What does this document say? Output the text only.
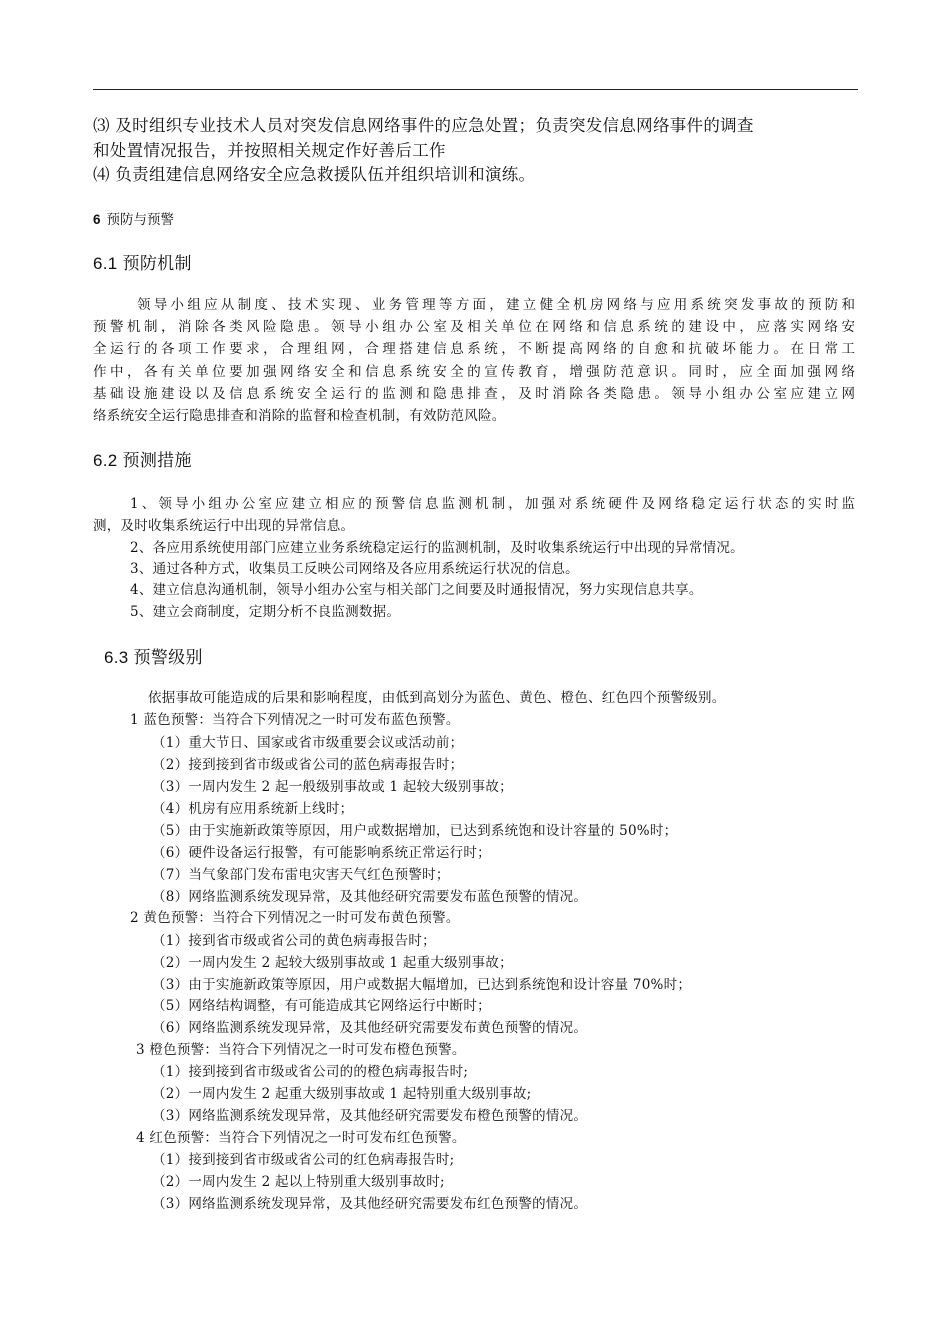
⑶ 及时组织专业技术人员对突发信息网络事件的应急处置；负责突发信息网络事件的调查
和处置情况报告，并按照相关规定作好善后工作
⑷ 负责组建信息网络安全应急救援队伍并组织培训和演练。
6 预防与预警
6.1 预防机制
领导小组应从制度、技术实现、业务管理等方面，建立健全机房网络与应用系统突发事故的预防和
预警机制，消除各类风险隐患。领导小组办公室及相关单位在网络和信息系统的建设中，应落实网络安
全运行的各项工作要求，合理组网，合理搭建信息系统，不断提高网络的自愈和抗破坏能力。在日常工
作中，各有关单位要加强网络安全和信息系统安全的宣传教育，增强防范意识。同时，应全面加强网络
基础设施建设以及信息系统安全运行的监测和隐患排查，及时消除各类隐患。领导小组办公室应建立网
络系统安全运行隐患排查和消除的监督和检查机制，有效防范风险。
6.2 预测措施
1、领导小组办公室应建立相应的预警信息监测机制，加强对系统硬件及网络稳定运行状态的实时监
测，及时收集系统运行中出现的异常信息。
2、各应用系统使用部门应建立业务系统稳定运行的监测机制，及时收集系统运行中出现的异常情况。
3、通过各种方式，收集员工反映公司网络及各应用系统运行状况的信息。
4、建立信息沟通机制，领导小组办公室与相关部门之间要及时通报情况，努力实现信息共享。
5、建立会商制度，定期分析不良监测数据。
6.3 预警级别
依据事故可能造成的后果和影响程度，由低到高划分为蓝色、黄色、橙色、红色四个预警级别。
1 蓝色预警：当符合下列情况之一时可发布蓝色预警。
（1）重大节日、国家或省市级重要会议或活动前；
（2）接到接到省市级或省公司的蓝色病毒报告时；
（3）一周内发生 2 起一般级别事故或 1 起较大级别事故；
（4）机房有应用系统新上线时；
（5）由于实施新政策等原因，用户或数据增加，已达到系统饱和设计容量的 50%时；
（6）硬件设备运行报警，有可能影响系统正常运行时；
（7）当气象部门发布雷电灾害天气红色预警时；
（8）网络监测系统发现异常，及其他经研究需要发布蓝色预警的情况。
2 黄色预警：当符合下列情况之一时可发布黄色预警。
（1）接到省市级或省公司的黄色病毒报告时；
（2）一周内发生 2 起较大级别事故或 1 起重大级别事故；
（3）由于实施新政策等原因，用户或数据大幅增加，已达到系统饱和设计容量 70%时；
（5）网络结构调整，有可能造成其它网络运行中断时；
（6）网络监测系统发现异常，及其他经研究需要发布黄色预警的情况。
3 橙色预警：当符合下列情况之一时可发布橙色预警。
（1）接到接到省市级或省公司的的橙色病毒报告时;
（2）一周内发生 2 起重大级别事故或 1 起特别重大级别事故;
（3）网络监测系统发现异常，及其他经研究需要发布橙色预警的情况。
4 红色预警：当符合下列情况之一时可发布红色预警。
（1）接到接到省市级或省公司的红色病毒报告时;
（2）一周内发生 2 起以上特别重大级别事故时;
（3）网络监测系统发现异常，及其他经研究需要发布红色预警的情况。
